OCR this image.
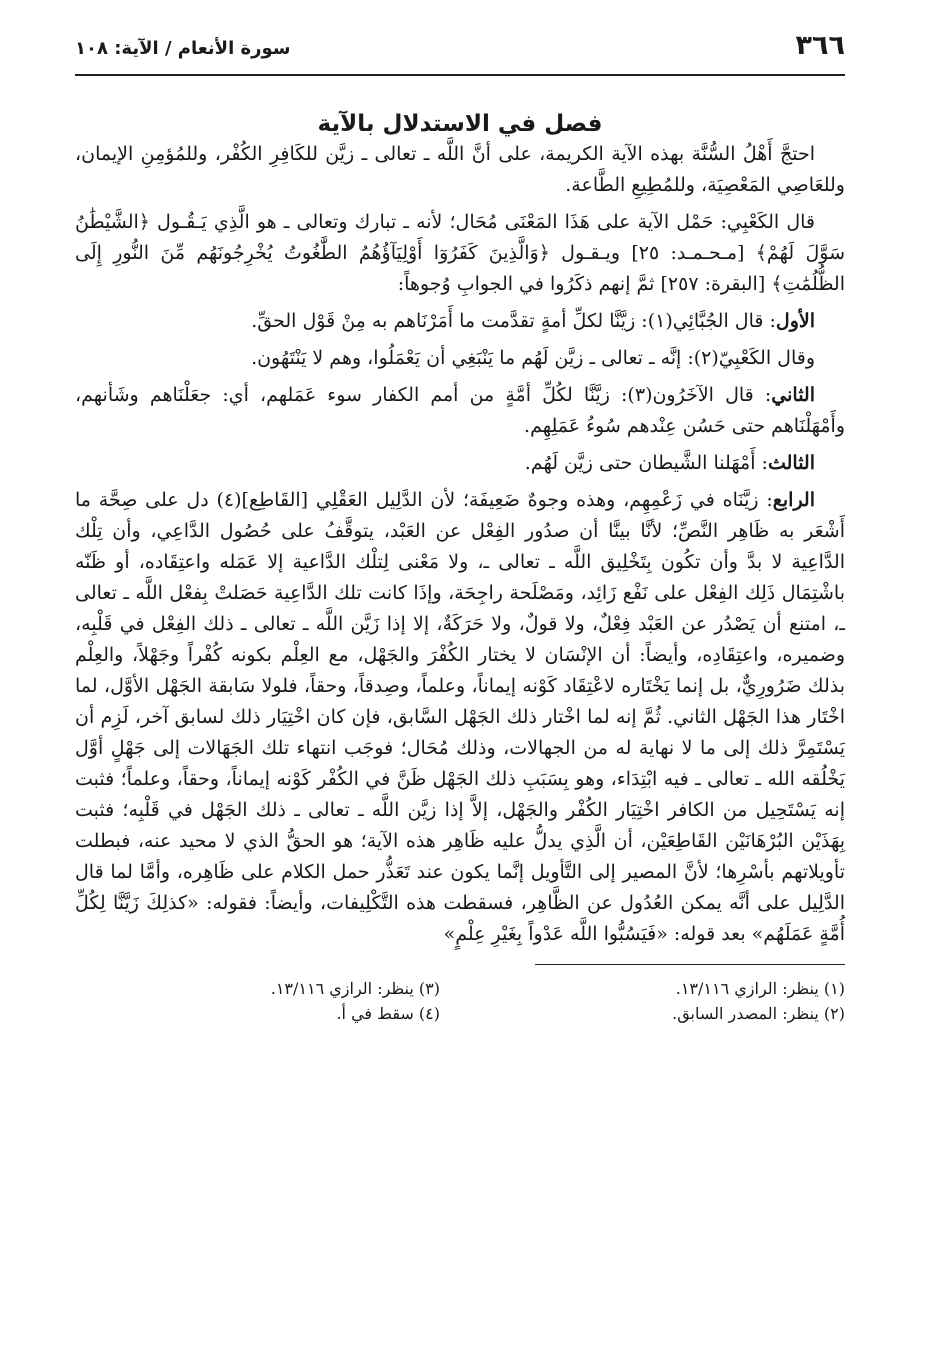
٣٦٦
سورة الأنعام / الآية: ١٠٨
فصل في الاستدلال بالآية

احتجَّ أَهْلُ السُّنَّة بهذه الآية الكريمة، على أنَّ اللَّه ـ تعالى ـ زيَّن للكَافِرِ الكُفْر، وللمُؤمِنِ الإيمان، وللعَاصِي المَعْصِيَة، وللمُطِيعِ الطَّاعة.

قال الكَعْبِي: حَمْل الآية على هَذَا المَعْنَى مُحَال؛ لأنه ـ تبارك وتعالى ـ هو الَّذِي يَـقُـول ﴿الشَّيْطَٰنُ سَوَّلَ لَهُمْ﴾ [مـحـمـد: ٢٥] ويـقـول ﴿وَالَّذِينَ كَفَرُوٓا أَوْلِيَآؤُهُمُ الطَّٰغُوتُ يُخْرِجُونَهُم مِّنَ النُّورِ إِلَى الظُّلُمَٰتِ﴾ [البقرة: ٢٥٧] ثمَّ إنهم ذكَرُوا في الجوابِ وُجوهاً:

الأول: قال الجُبَّائِي(١): زيَّنَّا لكلِّ أمةٍ تقدَّمت ما أَمَرْنَاهم به مِنْ قَوْل الحقِّ.

وقال الكَعْبِيّ(٢): إنَّه ـ تعالى ـ زيَّن لَهُم ما يَنْبَغِي أن يَعْمَلُوا، وهم لا يَنْتَهُون.

الثاني: قال الآخَرُون(٣): زيَّنَّا لكُلِّ أمَّةٍ من أمم الكفار سوء عَمَلهم، أي: جعَلْنَاهم وشَأنهم، وأَمْهَلْنَاهم حتى حَسُن عِنْدهم سُوءُ عَمَلِهِم.

الثالث: أَمْهَلنا الشَّيطان حتى زيَّن لَهُم.

الرابع: زيَّنَاه في زَعْمِهِم، وهذه وجوهٌ ضَعِيفَة؛ لأن الدَّلِيل العَقْلِي [القَاطِع](٤) دل على صِحَّة ما أَشْعَر به ظَاهِر النَّصِّ؛ لأنَّا بينَّا أن صدُور الفِعْل عن العَبْد، يتوقَّفُ على حُصُول الدَّاعِي، وأن تِلْك الدَّاعِية لا بدَّ وأن تكُون بِتَخْلِيق اللَّه ـ تعالى ـ، ولا مَعْنى لِتلْك الدَّاعية إلا عَمَله واعتِقَاده، أو ظَنّه باشْتِمَال ذَلِك الفِعْل على نَفْع زَائِد، ومَصْلَحة راجِحَة، وإذَا كانت تلك الدَّاعِية حَصَلتْ بِفعْل اللَّه ـ تعالى ـ، امتنع أن يَصْدُر عن العَبْد فِعْلٌ، ولا قولٌ، ولا حَرَكَةٌ، إلا إذا زَيَّن اللَّه ـ تعالى ـ ذلك الفِعْل في قَلْبِه، وضميره، واعتِقَادِه، وأيضاً: أن الإنْسَان لا يختار الكُفْرَ والجَهْل، مع العِلْم بكونه كُفْراً وجَهْلاً، والعِلْم بذلك ضَرُورِيٌّ، بل إنما يَخْتَاره لاعْتِقَاد كَوْنه إيماناً، وعلماً، وصِدقاً، وحقاً، فلولا سَابقة الجَهْل الأوَّل، لما اخْتَار هذا الجَهْل الثاني. ثُمَّ إنه لما اخْتار ذلك الجَهْل السَّابق، فإن كان اخْتِيَار ذلك لسابق آخر، لَزِم أن يَسْتَمِرَّ ذلك إلى ما لا نهاية له من الجهالات، وذلك مُحَال؛ فوجَب انتهاء تلك الجَهَالات إلى جَهْلٍ أوَّل يَخْلُقه الله ـ تعالى ـ فيه ابْتِدَاء، وهو بِسَبَبِ ذلك الجَهْل ظَنَّ في الكُفْر كَوْنه إيماناً، وحقاً، وعلماً؛ فثبت إنه يَسْتَحِيل من الكافر اخْتِيَار الكُفْر والجَهْل، إلاَّ إذا زيَّن اللَّه ـ تعالى ـ ذلك الجَهْل في قَلْبِه؛ فثبت بِهَذَيْن البُرْهَانَيْن القَاطِعَيْن، أن الَّذِي يدلُّ عليه ظَاهِر هذه الآية؛ هو الحقُّ الذي لا محيد عنه، فبطلت تأويلاتهم بأسْرِها؛ لأنَّ المصير إلى التَّأويل إنَّما يكون عند تَعَذُّر حمل الكلام على ظَاهِره، وأمَّا لما قال الدَّلِيل على أنَّه يمكن العُدُول عن الظَّاهِر، فسقطت هذه التَّكْلِيفات، وأيضاً: فقوله: «كذلِكَ زَيَّنَّا لِكُلِّ أُمَّةٍ عَمَلَهُم» بعد قوله: «فَيَسُبُّوا اللَّه عَدْواً بِغَيْرِ عِلْمٍ»

(١) ينظر: الرازي ١٣/١١٦.
(٣) ينظر: الرازي ١٣/١١٦.
(٢) ينظر: المصدر السابق.
(٤) سقط في أ.
